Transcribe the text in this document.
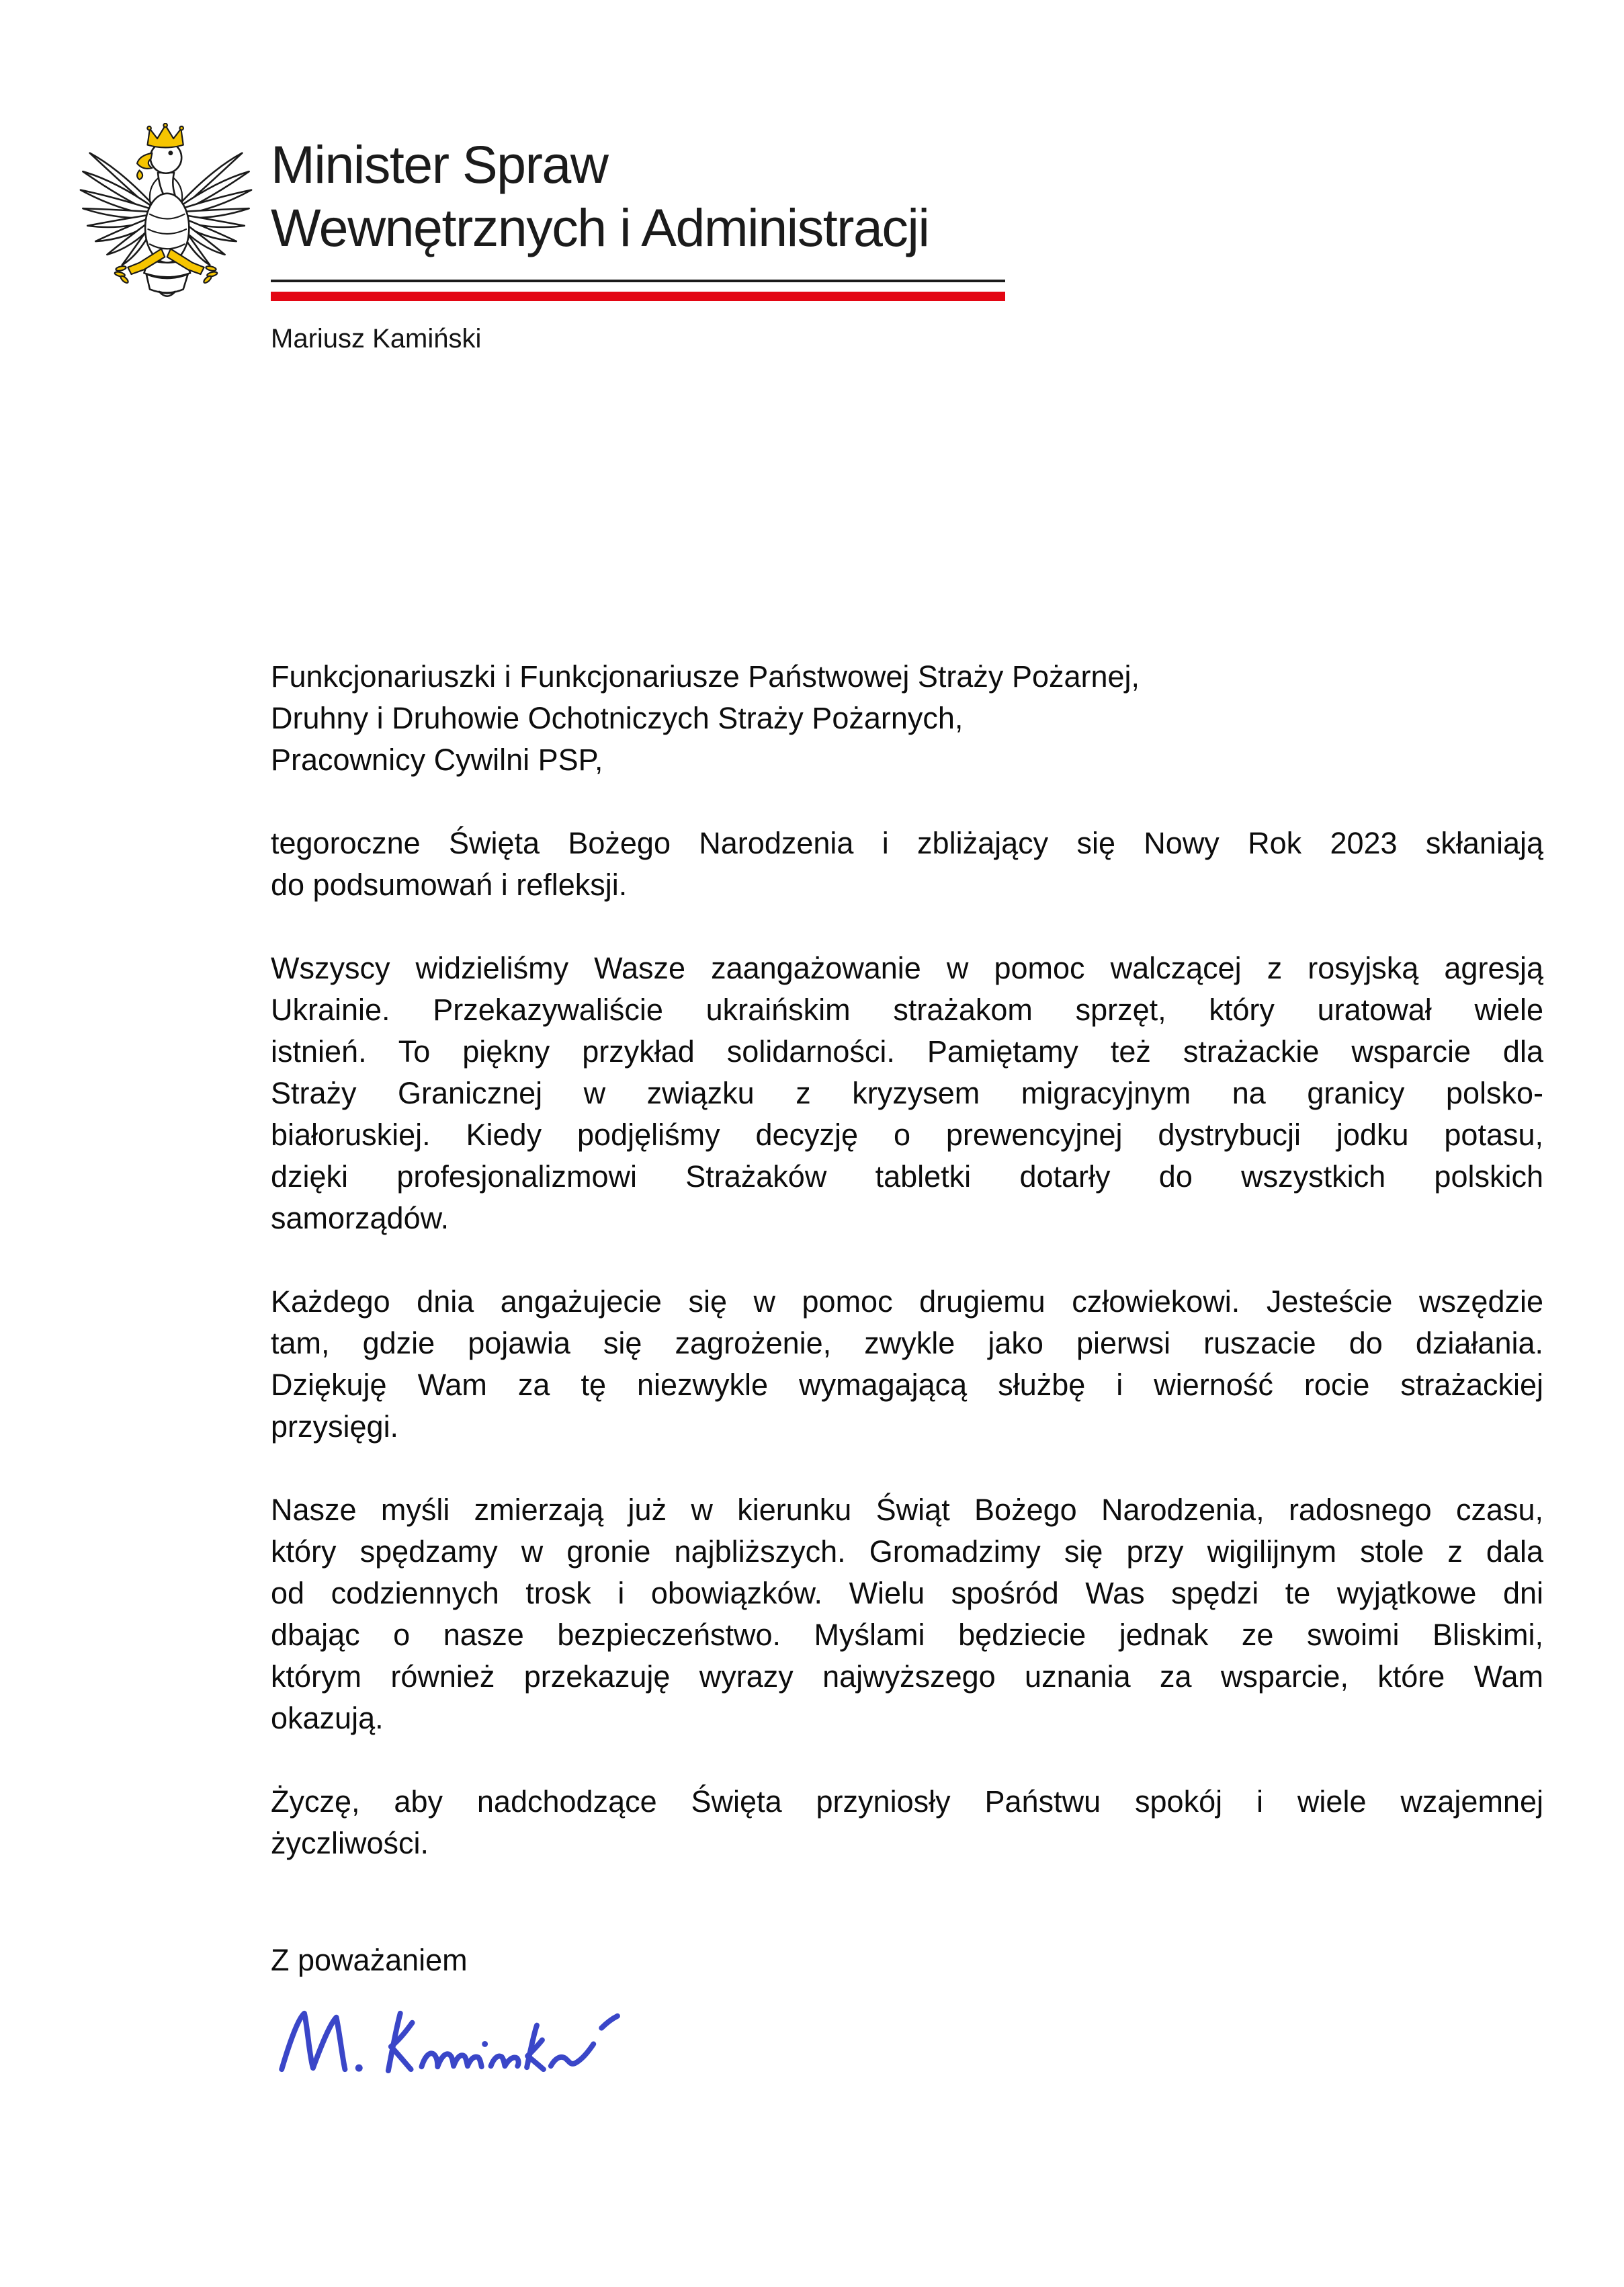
Minister Spraw
Wewnętrznych i Administracji
Mariusz Kamiński
Funkcjonariuszki i Funkcjonariusze Państwowej Straży Pożarnej,
Druhny i Druhowie Ochotniczych Straży Pożarnych,
Pracownicy Cywilni PSP,
tegoroczne Święta Bożego Narodzenia i zbliżający się Nowy Rok 2023 skłaniają
do podsumowań i refleksji.
Wszyscy widzieliśmy Wasze zaangażowanie w pomoc walczącej z rosyjską agresją
Ukrainie. Przekazywaliście ukraińskim strażakom sprzęt, który uratował wiele
istnień. To piękny przykład solidarności. Pamiętamy też strażackie wsparcie dla
Straży Granicznej w związku z kryzysem migracyjnym na granicy polsko-
białoruskiej. Kiedy podjęliśmy decyzję o prewencyjnej dystrybucji jodku potasu,
dzięki profesjonalizmowi Strażaków tabletki dotarły do wszystkich polskich
samorządów.
Każdego dnia angażujecie się w pomoc drugiemu człowiekowi. Jesteście wszędzie
tam, gdzie pojawia się zagrożenie, zwykle jako pierwsi ruszacie do działania.
Dziękuję Wam za tę niezwykle wymagającą służbę i wierność rocie strażackiej
przysięgi.
Nasze myśli zmierzają już w kierunku Świąt Bożego Narodzenia, radosnego czasu,
który spędzamy w gronie najbliższych. Gromadzimy się przy wigilijnym stole z dala
od codziennych trosk i obowiązków. Wielu spośród Was spędzi te wyjątkowe dni
dbając o nasze bezpieczeństwo. Myślami będziecie jednak ze swoimi Bliskimi,
którym również przekazuję wyrazy najwyższego uznania za wsparcie, które Wam
okazują.
Życzę, aby nadchodzące Święta przyniosły Państwu spokój i wiele wzajemnej
życzliwości.
Z poważaniem
